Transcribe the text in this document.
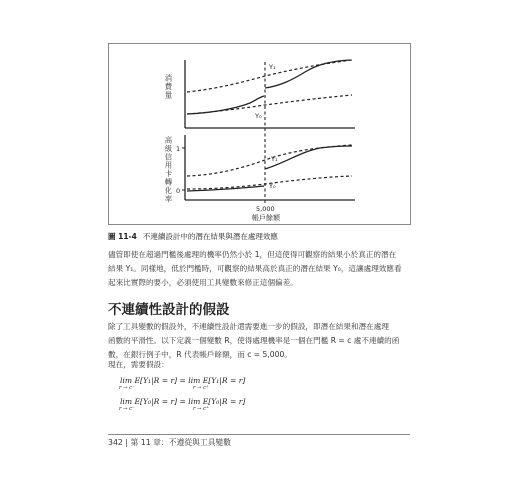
Y₁
Y₀
Y₁
Y₀
1
0
5,000
帳戶餘額
消費量
高級信用卡轉化率
圖 11-4 不連續設計中的潛在結果與潛在處理效應
儘管即使在超過門檻後處理的機率仍然小於 1，但這使得可觀察的結果小於真正的潛在
結果 Y₁。同樣地，低於門檻時，可觀察的結果高於真正的潛在結果 Y₀，這讓處理效應看
起來比實際的要小，必須使用工具變數來修正這個偏差。
不連續性設計的假設
除了工具變數的假設外，不連續性設計還需要進一步的假設，即潛在結果和潛在處理
函數的平滑性。以下定義一個變數 R，使得處理機率是一個在門檻 R = c 處不連續的函
數，在銀行例子中，R 代表帳戶餘額，而 c = 5,000。
現在，需要假設：
lim E[Y₁|R = r] = lim E[Y₁|R = r]
lim E[Y₀|R = r] = lim E[Y₀|R = r]
r → c⁻	r → c⁺
r → c⁻	r → c⁺
342 | 第 11 章：不遵從與工具變數
